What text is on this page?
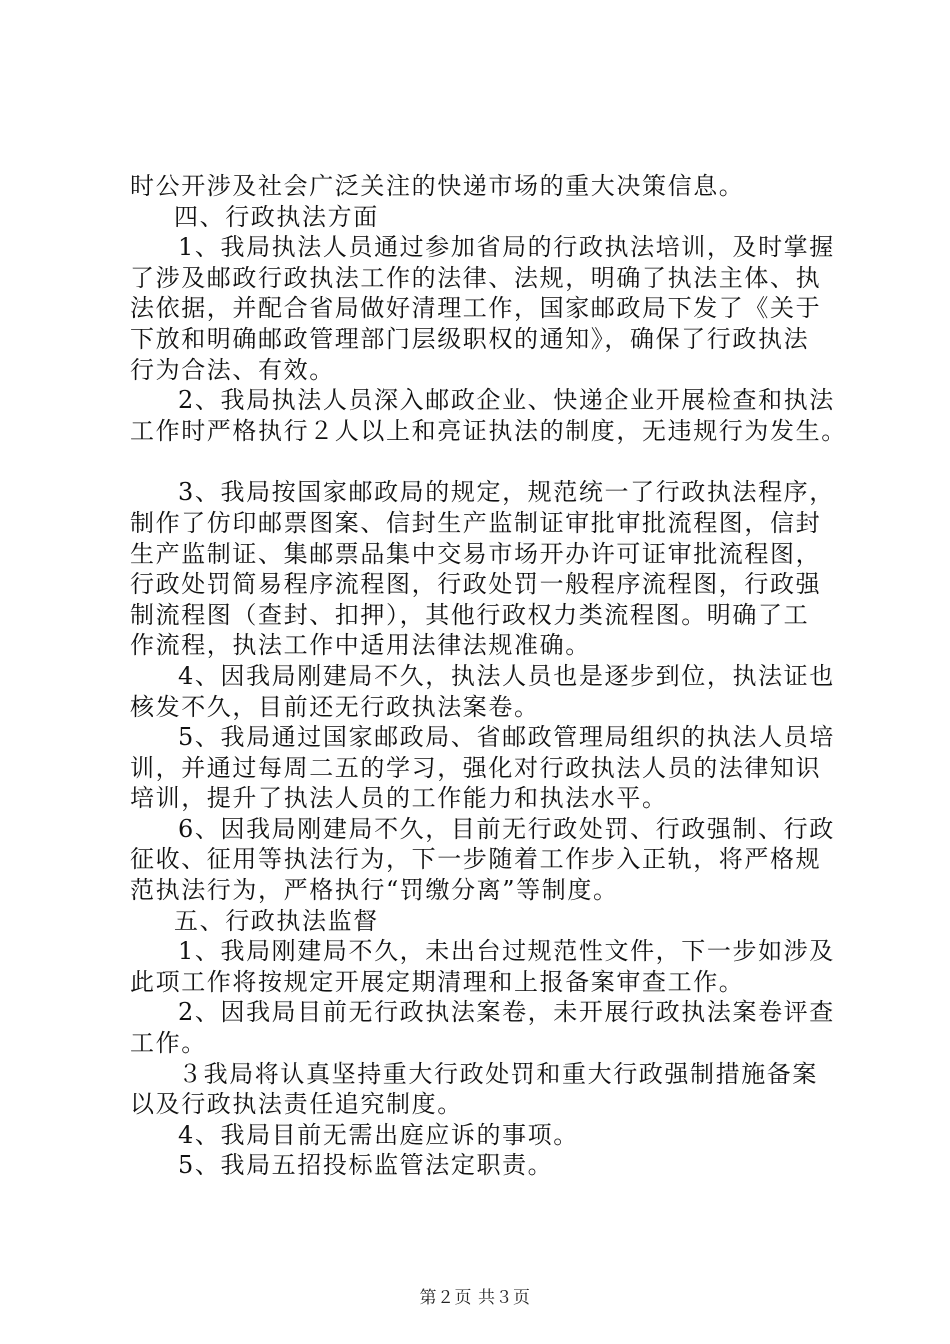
时公开涉及社会广泛关注的快递市场的重大决策信息。
四、行政执法方面
1、我局执法人员通过参加省局的行政执法培训，及时掌握
了涉及邮政行政执法工作的法律、法规，明确了执法主体、执
法依据，并配合省局做好清理工作，国家邮政局下发了《关于
下放和明确邮政管理部门层级职权的通知》，确保了行政执法
行为合法、有效。
2、我局执法人员深入邮政企业、快递企业开展检查和执法
工作时严格执行２人以上和亮证执法的制度，无违规行为发生。
3、我局按国家邮政局的规定，规范统一了行政执法程序，
制作了仿印邮票图案、信封生产监制证审批审批流程图，信封
生产监制证、集邮票品集中交易市场开办许可证审批流程图，
行政处罚简易程序流程图，行政处罚一般程序流程图，行政强
制流程图（查封、扣押），其他行政权力类流程图。明确了工
作流程，执法工作中适用法律法规准确。
4、因我局刚建局不久，执法人员也是逐步到位，执法证也
核发不久，目前还无行政执法案卷。
5、我局通过国家邮政局、省邮政管理局组织的执法人员培
训，并通过每周二五的学习，强化对行政执法人员的法律知识
培训，提升了执法人员的工作能力和执法水平。
6、因我局刚建局不久，目前无行政处罚、行政强制、行政
征收、征用等执法行为，下一步随着工作步入正轨，将严格规
范执法行为，严格执行“罚缴分离”等制度。
五、行政执法监督
1、我局刚建局不久，未出台过规范性文件，下一步如涉及
此项工作将按规定开展定期清理和上报备案审查工作。
2、因我局目前无行政执法案卷，未开展行政执法案卷评查
工作。
３我局将认真坚持重大行政处罚和重大行政强制措施备案
以及行政执法责任追究制度。
4、我局目前无需出庭应诉的事项。
5、我局五招投标监管法定职责。
第２页 共３页
